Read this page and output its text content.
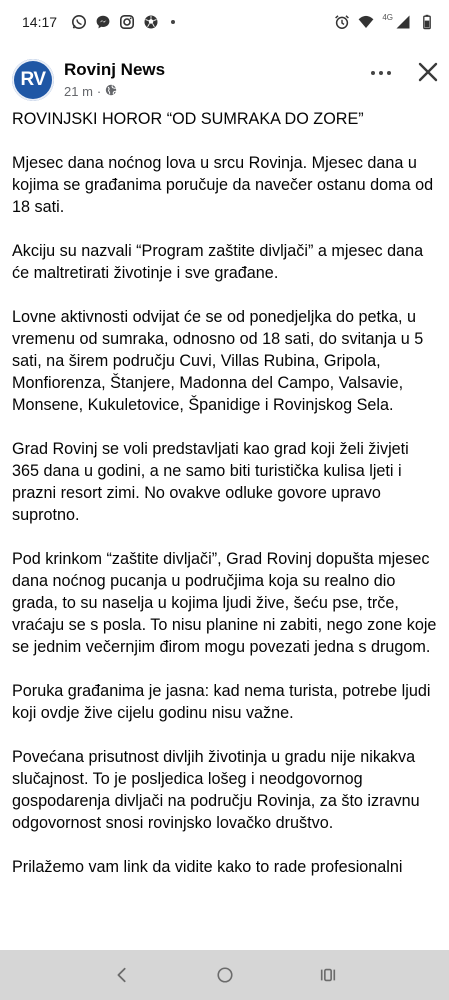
14:17	4G
RV Rovinj News
21 m ·

ROVINJSKI HOROR “OD SUMRAKA DO ZORE”

Mjesec dana noćnog lova u srcu Rovinja. Mjesec dana u kojima se građanima poručuje da navečer ostanu doma od 18 sati.

Akciju su nazvali “Program zaštite divljači” a mjesec dana će maltretirati životinje i sve građane.

Lovne aktivnosti odvijat će se od ponedjeljka do petka, u vremenu od sumraka, odnosno od 18 sati, do svitanja u 5 sati, na širem području Cuvi, Villas Rubina, Gripola, Monfiorenza, Štanjere, Madonna del Campo, Valsavie, Monsene, Kukuletovice, Španidige i Rovinjskog Sela.

Grad Rovinj se voli predstavljati kao grad koji želi živjeti 365 dana u godini, a ne samo biti turistička kulisa ljeti i prazni resort zimi. No ovakve odluke govore upravo suprotno.

Pod krinkom “zaštite divljači”, Grad Rovinj dopušta mjesec dana noćnog pucanja u područjima koja su realno dio grada, to su naselja u kojima ljudi žive, šeću pse, trče, vraćaju se s posla. To nisu planine ni zabiti, nego zone koje se jednim večernjim đirom mogu povezati jedna s drugom.

Poruka građanima je jasna: kad nema turista, potrebe ljudi koji ovdje žive cijelu godinu nisu važne.

Povećana prisutnost divljih životinja u gradu nije nikakva slučajnost. To je posljedica lošeg i neodgovornog gospodarenja divljači na području Rovinja, za što izravnu odgovornost snosi rovinjsko lovačko društvo.

Prilažemo vam link da vidite kako to rade profesionalni
